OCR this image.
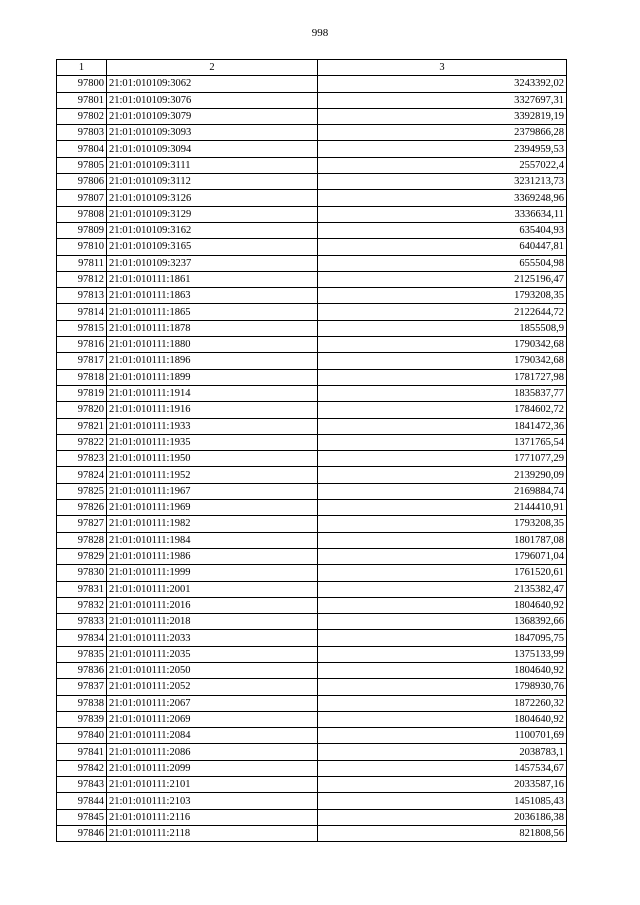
998
1	2	3
97800	21:01:010109:3062	3243392,02
97801	21:01:010109:3076	3327697,31
97802	21:01:010109:3079	3392819,19
97803	21:01:010109:3093	2379866,28
97804	21:01:010109:3094	2394959,53
97805	21:01:010109:3111	2557022,4
97806	21:01:010109:3112	3231213,73
97807	21:01:010109:3126	3369248,96
97808	21:01:010109:3129	3336634,11
97809	21:01:010109:3162	635404,93
97810	21:01:010109:3165	640447,81
97811	21:01:010109:3237	655504,98
97812	21:01:010111:1861	2125196,47
97813	21:01:010111:1863	1793208,35
97814	21:01:010111:1865	2122644,72
97815	21:01:010111:1878	1855508,9
97816	21:01:010111:1880	1790342,68
97817	21:01:010111:1896	1790342,68
97818	21:01:010111:1899	1781727,98
97819	21:01:010111:1914	1835837,77
97820	21:01:010111:1916	1784602,72
97821	21:01:010111:1933	1841472,36
97822	21:01:010111:1935	1371765,54
97823	21:01:010111:1950	1771077,29
97824	21:01:010111:1952	2139290,09
97825	21:01:010111:1967	2169884,74
97826	21:01:010111:1969	2144410,91
97827	21:01:010111:1982	1793208,35
97828	21:01:010111:1984	1801787,08
97829	21:01:010111:1986	1796071,04
97830	21:01:010111:1999	1761520,61
97831	21:01:010111:2001	2135382,47
97832	21:01:010111:2016	1804640,92
97833	21:01:010111:2018	1368392,66
97834	21:01:010111:2033	1847095,75
97835	21:01:010111:2035	1375133,99
97836	21:01:010111:2050	1804640,92
97837	21:01:010111:2052	1798930,76
97838	21:01:010111:2067	1872260,32
97839	21:01:010111:2069	1804640,92
97840	21:01:010111:2084	1100701,69
97841	21:01:010111:2086	2038783,1
97842	21:01:010111:2099	1457534,67
97843	21:01:010111:2101	2033587,16
97844	21:01:010111:2103	1451085,43
97845	21:01:010111:2116	2036186,38
97846	21:01:010111:2118	821808,56
